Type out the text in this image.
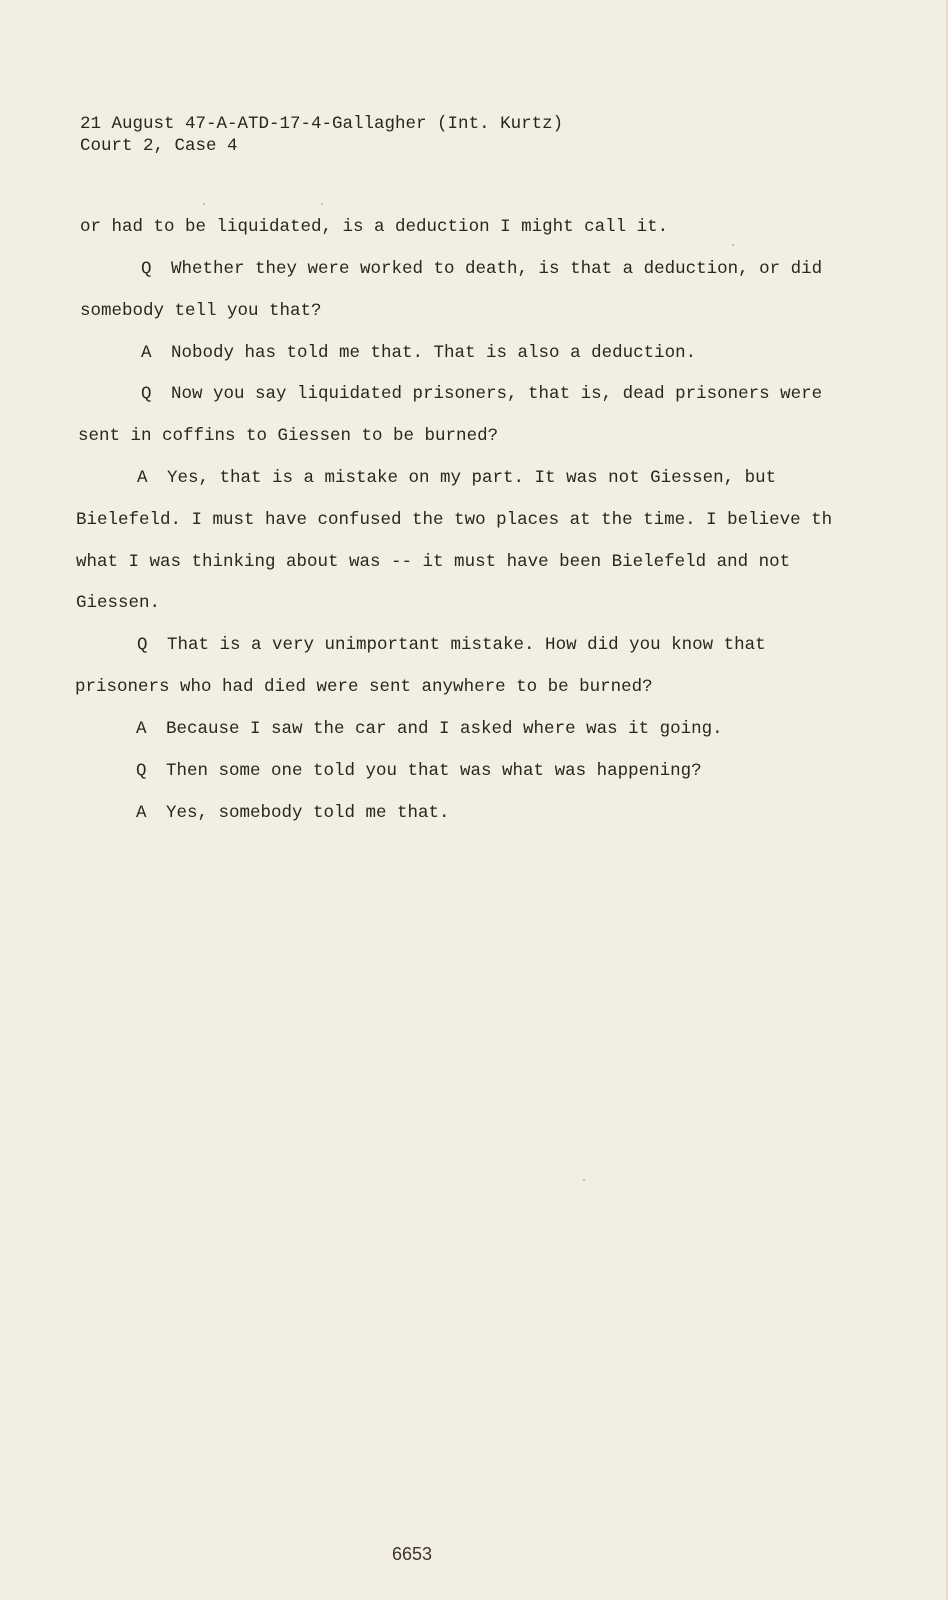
21 August 47-A-ATD-17-4-Gallagher (Int. Kurtz)
Court 2, Case 4
or had to be liquidated, is a deduction I might call it.
Q Whether they were worked to death, is that a deduction, or did
somebody tell you that?
A Nobody has told me that. That is also a deduction.
Q Now you say liquidated prisoners, that is, dead prisoners were
sent in coffins to Giessen to be burned?
A Yes, that is a mistake on my part. It was not Giessen, but
Bielefeld. I must have confused the two places at the time. I believe th
what I was thinking about was -- it must have been Bielefeld and not
Giessen.
Q That is a very unimportant mistake. How did you know that
prisoners who had died were sent anywhere to be burned?
A Because I saw the car and I asked where was it going.
Q Then some one told you that was what was happening?
A Yes, somebody told me that.
6653
